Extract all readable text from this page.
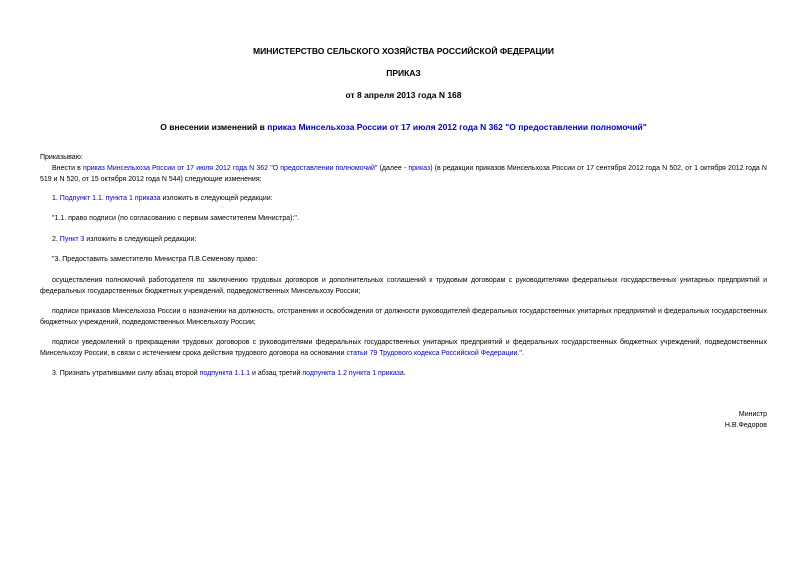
МИНИСТЕРСТВО СЕЛЬСКОГО ХОЗЯЙСТВА РОССИЙСКОЙ ФЕДЕРАЦИИ
ПРИКАЗ
от 8 апреля 2013 года N 168
О внесении изменений в приказ Минсельхоза России от 17 июля 2012 года N 362 "О предоставлении полномочий"
Приказываю:
Внести в приказ Минсельхоза России от 17 июля 2012 года N 362 "О предоставлении полномочий" (далее - приказ) (в редакции приказов Минсельхоза России от 17 сентября 2012 года N 502, от 1 октября 2012 года N 519 и N 520, от 15 октября 2012 года N 544) следующие изменения:
1. Подпункт 1.1. пункта 1 приказа изложить в следующей редакции:
"1.1. право подписи (по согласованию с первым заместителем Министра):".
2. Пункт 3 изложить в следующей редакции:
"3. Предоставить заместителю Министра П.В.Семенову право:
осуществления полномочий работодателя по заключению трудовых договоров и дополнительных соглашений к трудовым договорам с руководителями федеральных государственных унитарных предприятий и федеральных государственных бюджетных учреждений, подведомственных Минсельхозу России;
подписи приказов Минсельхоза России о назначении на должность, отстранении и освобождении от должности руководителей федеральных государственных унитарных предприятий и федеральных государственных бюджетных учреждений, подведомственных Минсельхозу России;
подписи уведомлений о прекращении трудовых договоров с руководителями федеральных государственных унитарных предприятий и федеральных государственных бюджетных учреждений, подведомственных Минсельхозу России, в связи с истечением срока действия трудового договора на основании статьи 79 Трудового кодекса Российской Федерации.".
3. Признать утратившими силу абзац второй подпункта 1.1.1 и абзац третий подпункта 1.2 пункта 1 приказа.
Министр
Н.В.Федоров
